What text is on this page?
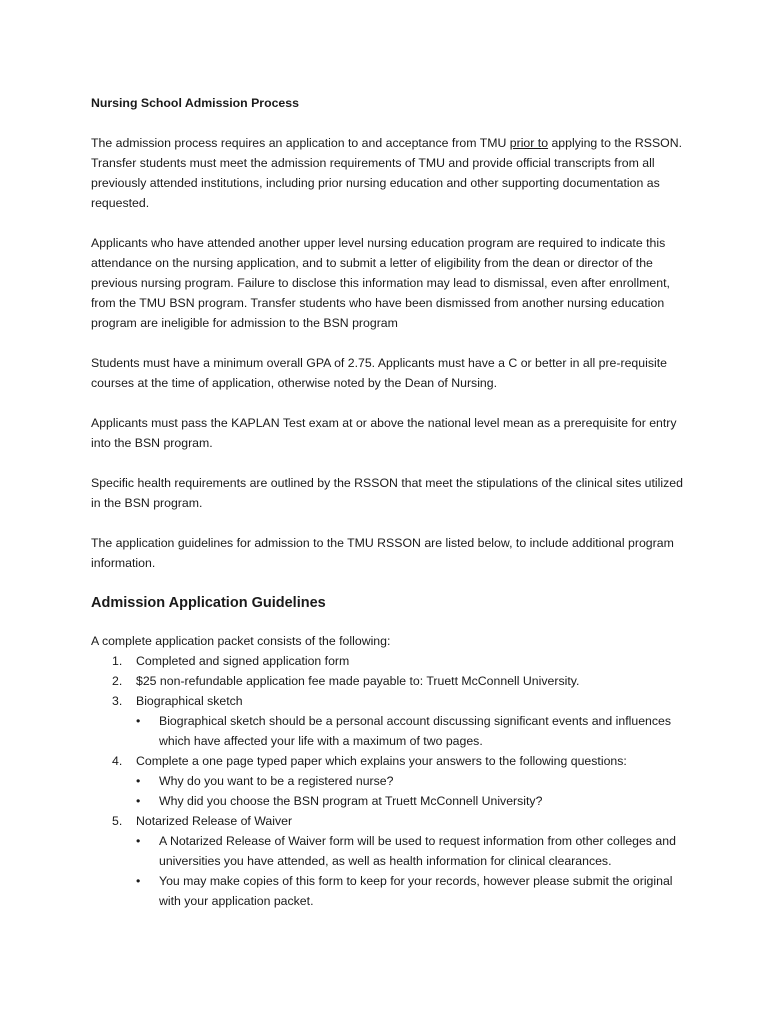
Nursing School Admission Process

The admission process requires an application to and acceptance from TMU prior to applying to the RSSON. Transfer students must meet the admission requirements of TMU and provide official transcripts from all previously attended institutions, including prior nursing education and other supporting documentation as requested.

Applicants who have attended another upper level nursing education program are required to indicate this attendance on the nursing application, and to submit a letter of eligibility from the dean or director of the previous nursing program. Failure to disclose this information may lead to dismissal, even after enrollment, from the TMU BSN program. Transfer students who have been dismissed from another nursing education program are ineligible for admission to the BSN program

Students must have a minimum overall GPA of 2.75. Applicants must have a C or better in all pre-requisite courses at the time of application, otherwise noted by the Dean of Nursing.

Applicants must pass the KAPLAN Test exam at or above the national level mean as a prerequisite for entry into the BSN program.

Specific health requirements are outlined by the RSSON that meet the stipulations of the clinical sites utilized in the BSN program.

The application guidelines for admission to the TMU RSSON are listed below, to include additional program information.

Admission Application Guidelines
A complete application packet consists of the following:
1. Completed and signed application form
2. $25 non-refundable application fee made payable to: Truett McConnell University.
3. Biographical sketch
• Biographical sketch should be a personal account discussing significant events and influences which have affected your life with a maximum of two pages.
4. Complete a one page typed paper which explains your answers to the following questions:
• Why do you want to be a registered nurse?
• Why did you choose the BSN program at Truett McConnell University?
5. Notarized Release of Waiver
• A Notarized Release of Waiver form will be used to request information from other colleges and universities you have attended, as well as health information for clinical clearances.
• You may make copies of this form to keep for your records, however please submit the original with your application packet.
